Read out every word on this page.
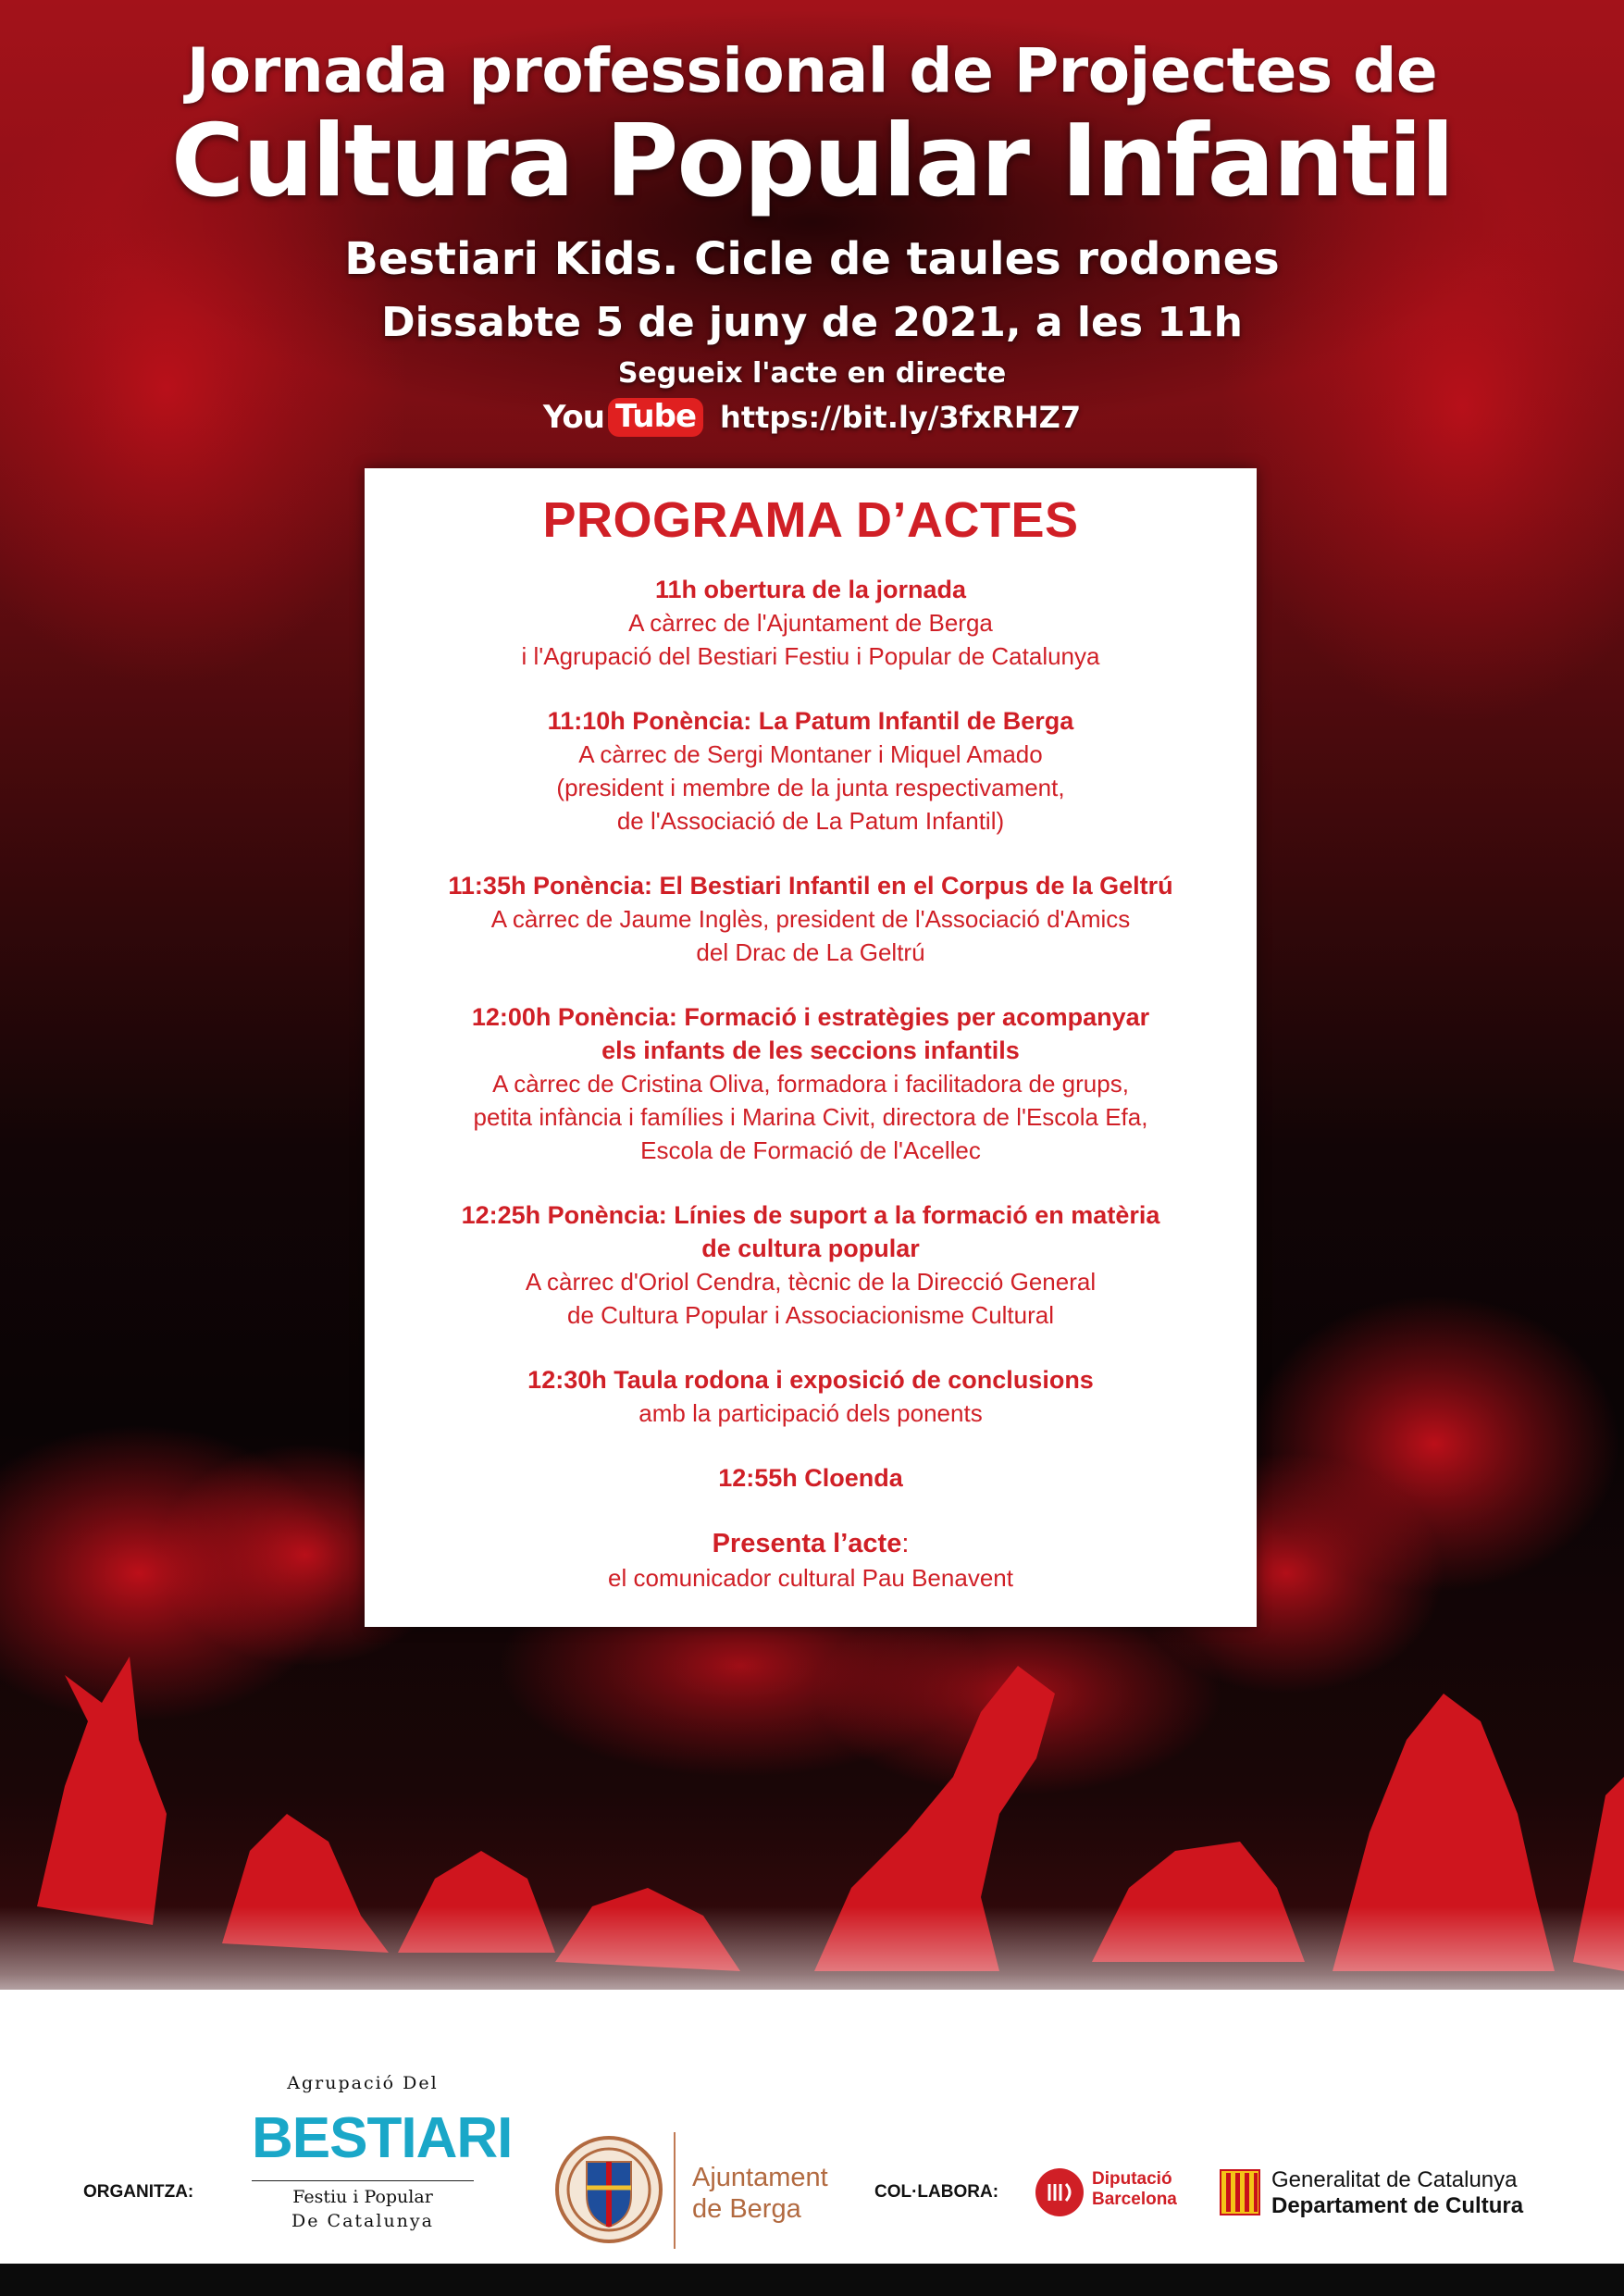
Jornada professional de Projectes de
Cultura Popular Infantil
Bestiari Kids. Cicle de taules rodones
Dissabte 5 de juny de 2021, a les 11h
Segueix l'acte en directe
You Tube https://bit.ly/3fxRHZ7
PROGRAMA D’ACTES
11h obertura de la jornada
A càrrec de l'Ajuntament de Berga
i l'Agrupació del Bestiari Festiu i Popular de Catalunya
11:10h Ponència: La Patum Infantil de Berga
A càrrec de Sergi Montaner i Miquel Amado
(president i membre de la junta respectivament,
de l'Associació de La Patum Infantil)
11:35h Ponència: El Bestiari Infantil en el Corpus de la Geltrú
A càrrec de Jaume Inglès, president de l'Associació d'Amics
del Drac de La Geltrú
12:00h Ponència: Formació i estratègies per acompanyar
els infants de les seccions infantils
A càrrec de Cristina Oliva, formadora i facilitadora de grups,
petita infància i famílies i Marina Civit, directora de l'Escola Efa,
Escola de Formació de l'Acellec
12:25h Ponència: Línies de suport a la formació en matèria
de cultura popular
A càrrec d'Oriol Cendra, tècnic de la Direcció General
de Cultura Popular i Associacionisme Cultural
12:30h Taula rodona i exposició de conclusions
amb la participació dels ponents
12:55h Cloenda
Presenta l’acte:
el comunicador cultural Pau Benavent
ORGANITZA:
Agrupació Del
BESTIARI
Festiu i Popular
De Catalunya
Ajuntament
de Berga
COL·LABORA:
Diputació
Barcelona
Generalitat de Catalunya
Departament de Cultura
